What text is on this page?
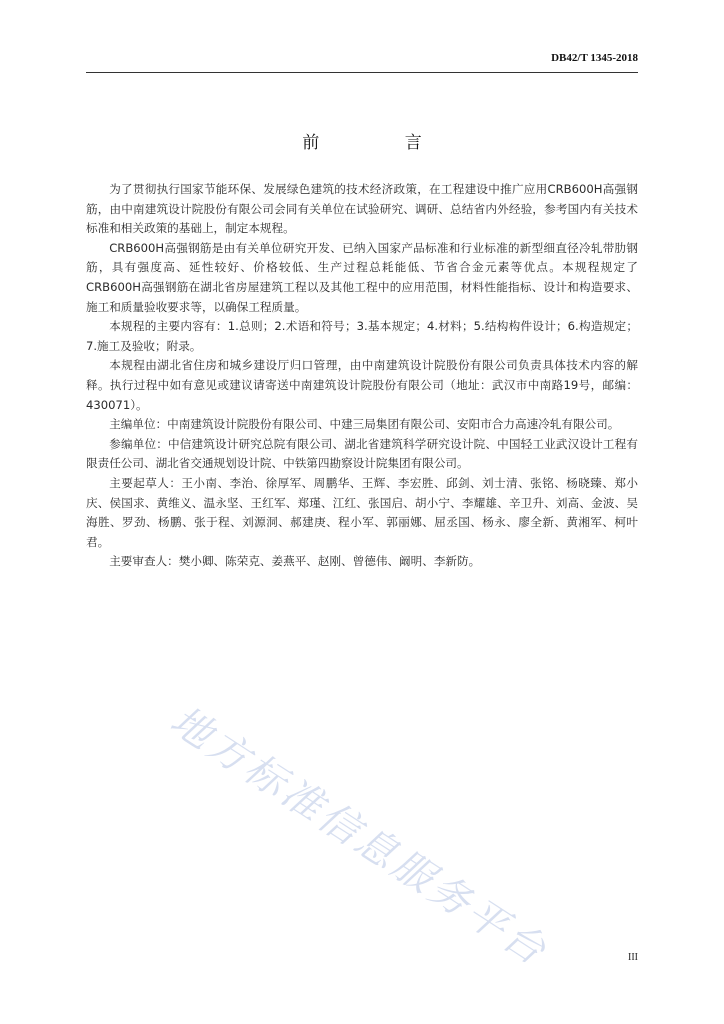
DB42/T 1345-2018
前 言

为了贯彻执行国家节能环保、发展绿色建筑的技术经济政策，在工程建设中推广应用CRB600H高强钢筋，由中南建筑设计院股份有限公司会同有关单位在试验研究、调研、总结省内外经验，参考国内有关技术标准和相关政策的基础上，制定本规程。

CRB600H高强钢筋是由有关单位研究开发、已纳入国家产品标准和行业标准的新型细直径冷轧带肋钢筋，具有强度高、延性较好、价格较低、生产过程总耗能低、节省合金元素等优点。本规程规定了CRB600H高强钢筋在湖北省房屋建筑工程以及其他工程中的应用范围，材料性能指标、设计和构造要求、施工和质量验收要求等，以确保工程质量。

本规程的主要内容有：1.总则；2.术语和符号；3.基本规定；4.材料；5.结构构件设计；6.构造规定；7.施工及验收；附录。

本规程由湖北省住房和城乡建设厅归口管理，由中南建筑设计院股份有限公司负责具体技术内容的解释。执行过程中如有意见或建议请寄送中南建筑设计院股份有限公司（地址：武汉市中南路19号，邮编：430071）。

主编单位：中南建筑设计院股份有限公司、中建三局集团有限公司、安阳市合力高速冷轧有限公司。

参编单位：中信建筑设计研究总院有限公司、湖北省建筑科学研究设计院、中国轻工业武汉设计工程有限责任公司、湖北省交通规划设计院、中铁第四勘察设计院集团有限公司。

主要起草人：王小南、李治、徐厚军、周鹏华、王辉、李宏胜、邱剑、刘士清、张铭、杨晓臻、郑小庆、侯国求、黄维义、温永坚、王红军、郑瑾、江红、张国启、胡小宁、李耀雄、辛卫升、刘高、金波、吴海胜、罗劲、杨鹏、张于程、刘源洞、郝建庚、程小军、郭丽娜、屈丞国、杨永、廖全新、黄湘军、柯叶君。

主要审查人：樊小卿、陈荣克、姜燕平、赵刚、曾德伟、阚明、李新防。

地方标准信息服务平台	III
